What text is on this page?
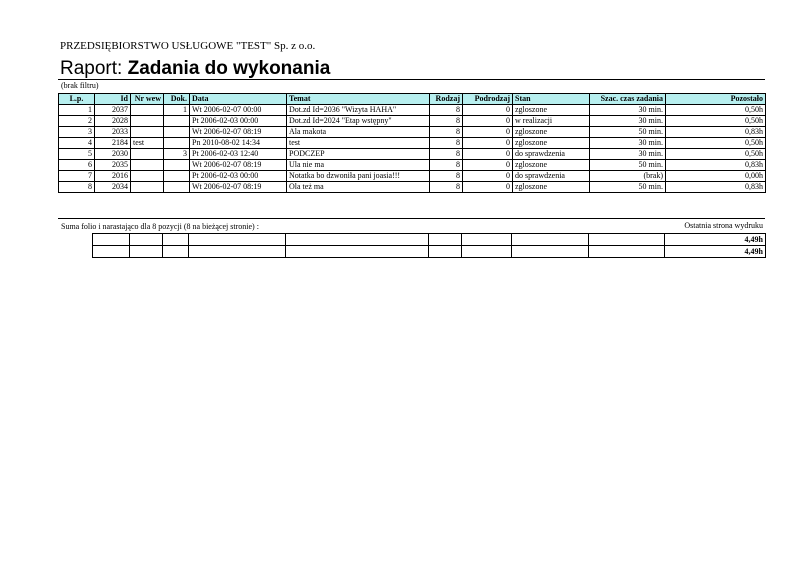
PRZEDSIĘBIORSTWO USŁUGOWE "TEST" Sp. z o.o.
Raport: Zadania do wykonania
(brak filtru)
L.p.	Id	Nr wew	Dok.	Data	Temat	Rodzaj	Podrodzaj	Stan	Szac. czas zadania	Pozostało
1	2037		1	Wt 2006-02-07 00:00	Dot.zd Id=2036 "Wizyta HAHA"	8	0	zgloszone	30 min.	0,50h
2	2028			Pt 2006-02-03 00:00	Dot.zd Id=2024 "Etap wstępny"	8	0	w realizacji	30 min.	0,50h
3	2033			Wt 2006-02-07 08:19	Ala makota	8	0	zgloszone	50 min.	0,83h
4	2184	test		Pn 2010-08-02 14:34	test	8	0	zgloszone	30 min.	0,50h
5	2030		3	Pt 2006-02-03 12:40	PODCZEP	8	0	do sprawdzenia	30 min.	0,50h
6	2035			Wt 2006-02-07 08:19	Ula nie ma	8	0	zgloszone	50 min.	0,83h
7	2016			Pt 2006-02-03 00:00	Notatka bo dzwoniła pani joasia!!!	8	0	do sprawdzenia	(brak)	0,00h
8	2034			Wt 2006-02-07 08:19	Ola też ma	8	0	zgloszone	50 min.	0,83h
Suma folio i narastająco dla 8 pozycji (8 na bieżącej stronie) :	Ostatnia strona wydruku
									4,49h
									4,49h
